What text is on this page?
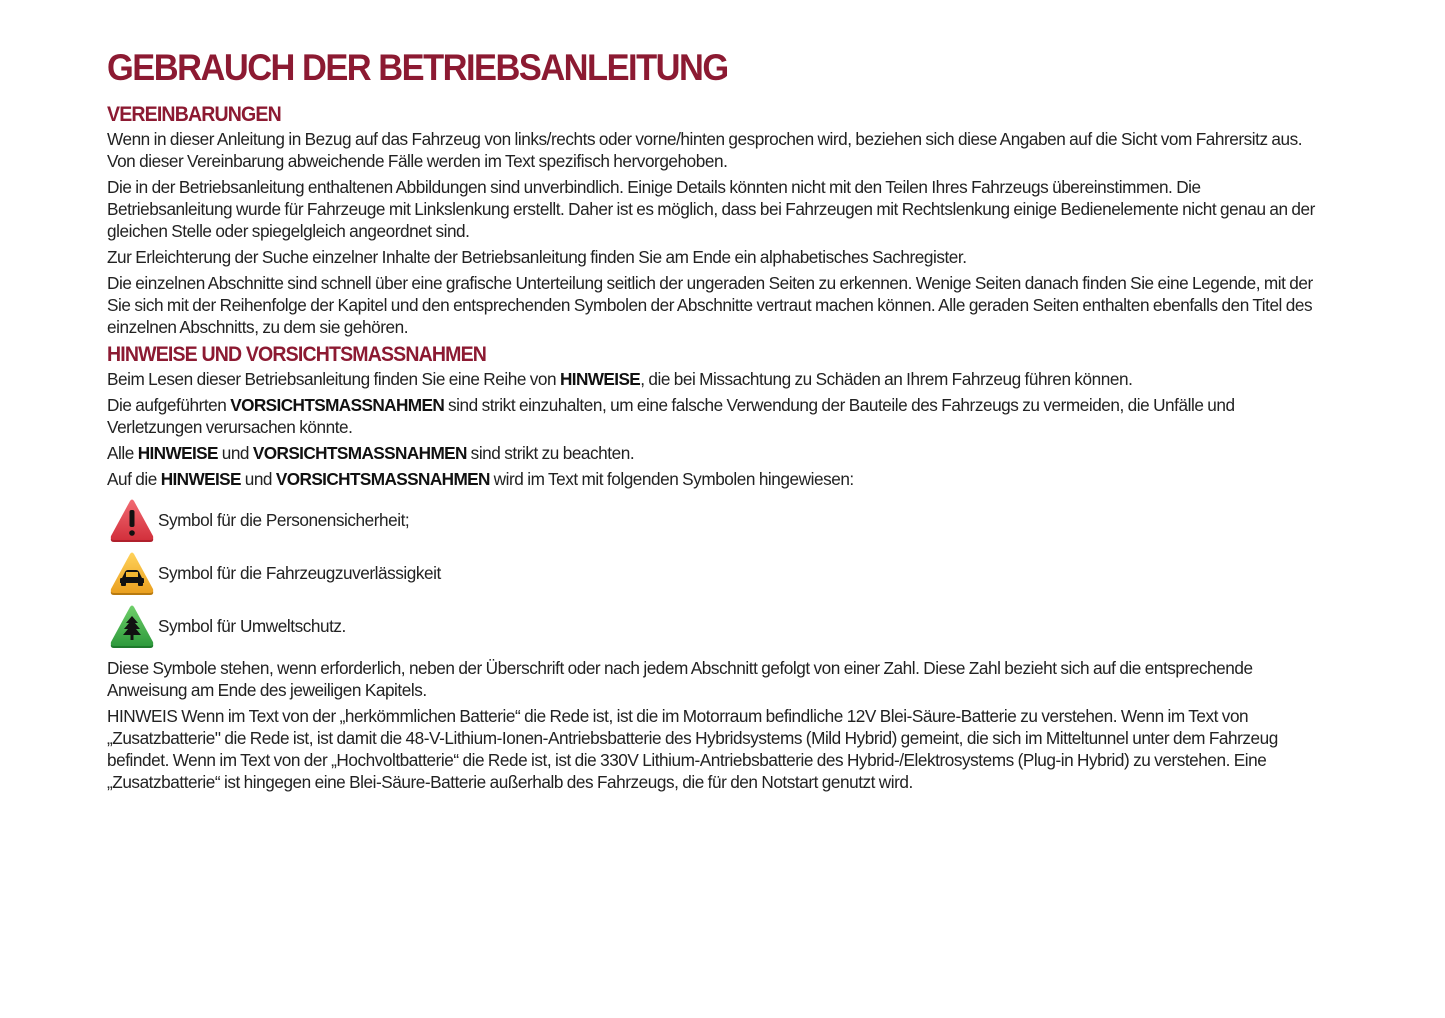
GEBRAUCH DER BETRIEBSANLEITUNG
VEREINBARUNGEN

Wenn in dieser Anleitung in Bezug auf das Fahrzeug von links/rechts oder vorne/hinten gesprochen wird, beziehen sich diese Angaben auf die Sicht vom Fahrersitz aus. Von dieser Vereinbarung abweichende Fälle werden im Text spezifisch hervorgehoben.

Die in der Betriebsanleitung enthaltenen Abbildungen sind unverbindlich. Einige Details könnten nicht mit den Teilen Ihres Fahrzeugs übereinstimmen. Die Betriebsanleitung wurde für Fahrzeuge mit Linkslenkung erstellt. Daher ist es möglich, dass bei Fahrzeugen mit Rechtslenkung einige Bedienelemente nicht genau an der gleichen Stelle oder spiegelgleich angeordnet sind.

Zur Erleichterung der Suche einzelner Inhalte der Betriebsanleitung finden Sie am Ende ein alphabetisches Sachregister.

Die einzelnen Abschnitte sind schnell über eine grafische Unterteilung seitlich der ungeraden Seiten zu erkennen. Wenige Seiten danach finden Sie eine Legende, mit der Sie sich mit der Reihenfolge der Kapitel und den entsprechenden Symbolen der Abschnitte vertraut machen können. Alle geraden Seiten enthalten ebenfalls den Titel des einzelnen Abschnitts, zu dem sie gehören.

HINWEISE UND VORSICHTSMASSNAHMEN

Beim Lesen dieser Betriebsanleitung finden Sie eine Reihe von HINWEISE, die bei Missachtung zu Schäden an Ihrem Fahrzeug führen können.

Die aufgeführten VORSICHTSMASSNAHMEN sind strikt einzuhalten, um eine falsche Verwendung der Bauteile des Fahrzeugs zu vermeiden, die Unfälle und Verletzungen verursachen könnte.

Alle HINWEISE und VORSICHTSMASSNAHMEN sind strikt zu beachten.

Auf die HINWEISE und VORSICHTSMASSNAHMEN wird im Text mit folgenden Symbolen hingewiesen:

Symbol für die Personensicherheit;
Symbol für die Fahrzeugzuverlässigkeit
Symbol für Umweltschutz.

Diese Symbole stehen, wenn erforderlich, neben der Überschrift oder nach jedem Abschnitt gefolgt von einer Zahl. Diese Zahl bezieht sich auf die entsprechende Anweisung am Ende des jeweiligen Kapitels.

HINWEIS Wenn im Text von der „herkömmlichen Batterie“ die Rede ist, ist die im Motorraum befindliche 12V Blei-Säure-Batterie zu verstehen. Wenn im Text von „Zusatzbatterie" die Rede ist, ist damit die 48-V-Lithium-Ionen-Antriebsbatterie des Hybridsystems (Mild Hybrid) gemeint, die sich im Mitteltunnel unter dem Fahrzeug befindet. Wenn im Text von der „Hochvoltbatterie“ die Rede ist, ist die 330V Lithium-Antriebsbatterie des Hybrid-/Elektrosystems (Plug-in Hybrid) zu verstehen. Eine „Zusatzbatterie“ ist hingegen eine Blei-Säure-Batterie außerhalb des Fahrzeugs, die für den Notstart genutzt wird.
